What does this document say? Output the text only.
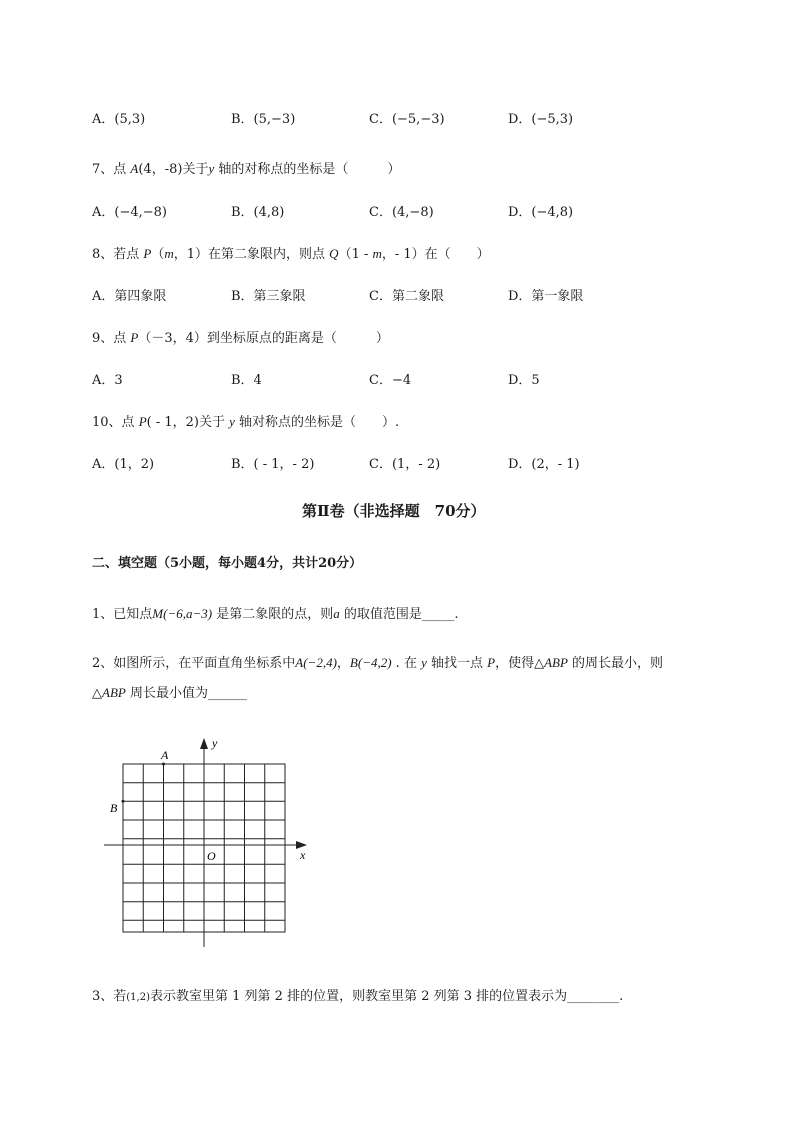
A．(5,3)	B．(5,−3)	C．(−5,−3)	D．(−5,3)
7、点 A(4，-8)关于y 轴的对称点的坐标是（　　　）
A．(−4,−8)	B．(4,8)	C．(4,−8)	D．(−4,8)
8、若点 P（m，1）在第二象限内，则点 Q（1 - m，- 1）在（　　）
A．第四象限	B．第三象限	C．第二象限	D．第一象限
9、点 P（－3，4）到坐标原点的距离是（　　　）
A．3	B．4	C．−4	D．5
10、点 P( - 1，2)关于 y 轴对称点的坐标是（　　）.
A．(1，2)	B．( - 1，- 2)	C．(1，- 2)	D．(2，- 1)
第Ⅱ卷（非选择题　70分）
二、填空题（5小题，每小题4分，共计20分）
1、已知点M(−6,a−3) 是第二象限的点，则a 的取值范围是_____.
2、如图所示，在平面直角坐标系中A(−2,4)，B(−4,2) . 在 y 轴找一点 P，使得△ABP 的周长最小，则
△ABP 周长最小值为______
y
x
O
A
B
3、若(1,2)表示教室里第 1 列第 2 排的位置，则教室里第 2 列第 3 排的位置表示为________.
